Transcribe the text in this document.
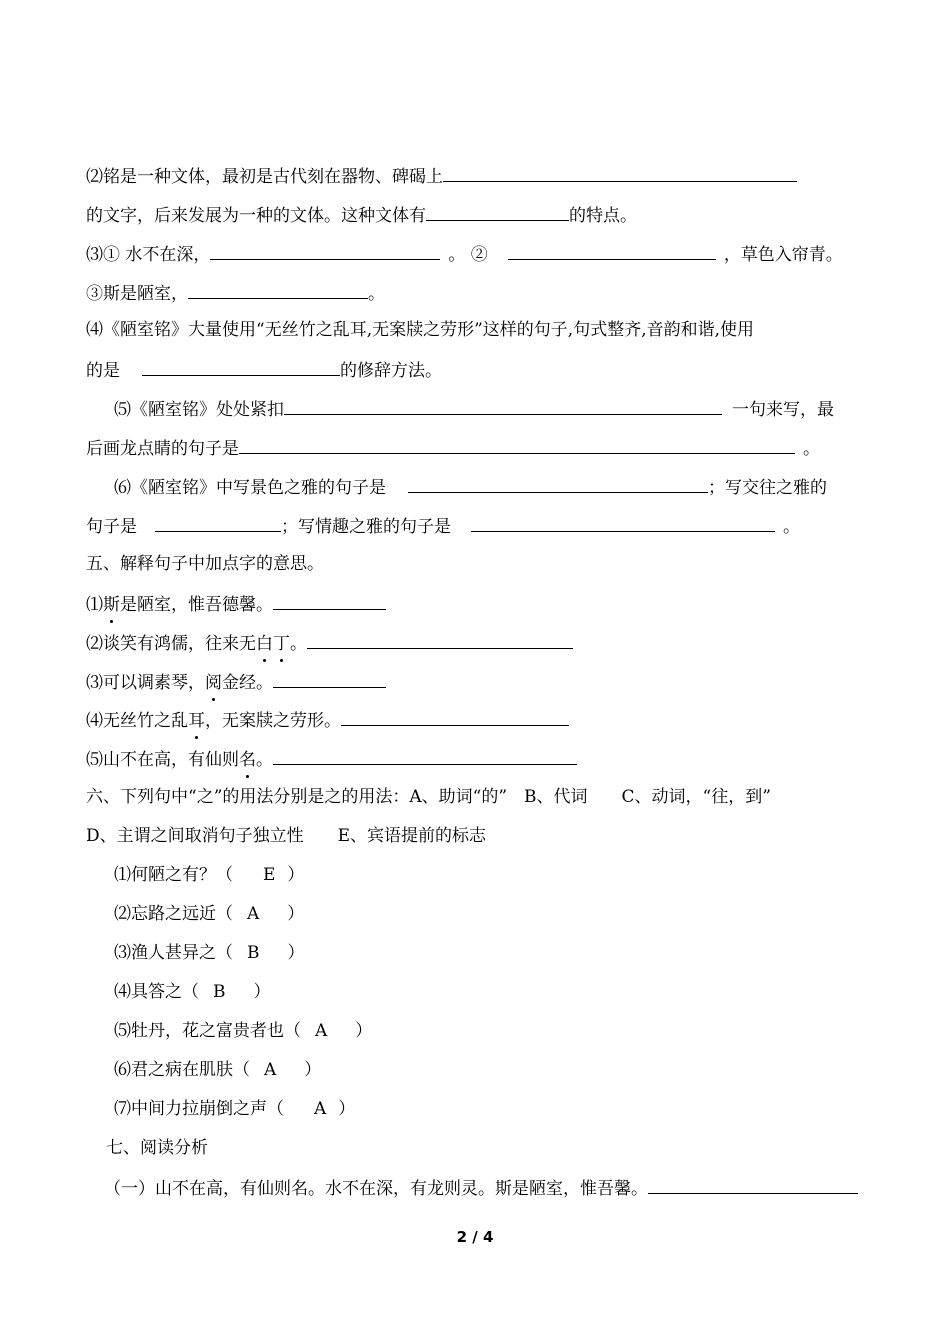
⑵铭是一种文体，最初是古代刻在器物、碑碣上
的文字，后来发展为一种的文体。这种文体有	的特点。
⑶① 水不在深，	。 ②	，草色入帘青。
③斯是陋室，	。
⑷《陋室铭》大量使用“无丝竹之乱耳,无案牍之劳形”这样的句子,句式整齐,音韵和谐,使用
的是	的修辞方法。
⑸《陋室铭》处处紧扣	一句来写，最
后画龙点睛的句子是	。
⑹《陋室铭》中写景色之雅的句子是	；写交往之雅的
句子是	；写情趣之雅的句子是	。
五、解释句子中加点字的意思。
⑴斯是陋室，惟吾德馨。
⑵谈笑有鸿儒，往来无白丁。
⑶可以调素琴，阅金经。
⑷无丝竹之乱耳，无案牍之劳形。
⑸山不在高，有仙则名。
六、下列句中“之”的用法分别是之的用法：A、助词“的”　B、代词　　C、动词，“往，到”
D、主谓之间取消句子独立性　　E、宾语提前的标志
⑴何陋之有？（ E ）
⑵忘路之远近（ A ）
⑶渔人甚异之（ B ）
⑷具答之（ B ）
⑸牡丹，花之富贵者也（ A ）
⑹君之病在肌肤（ A ）
⑺中间力拉崩倒之声（ A ）
七、阅读分析
（一）山不在高，有仙则名。水不在深，有龙则灵。斯是陋室，惟吾馨。
2 / 4
